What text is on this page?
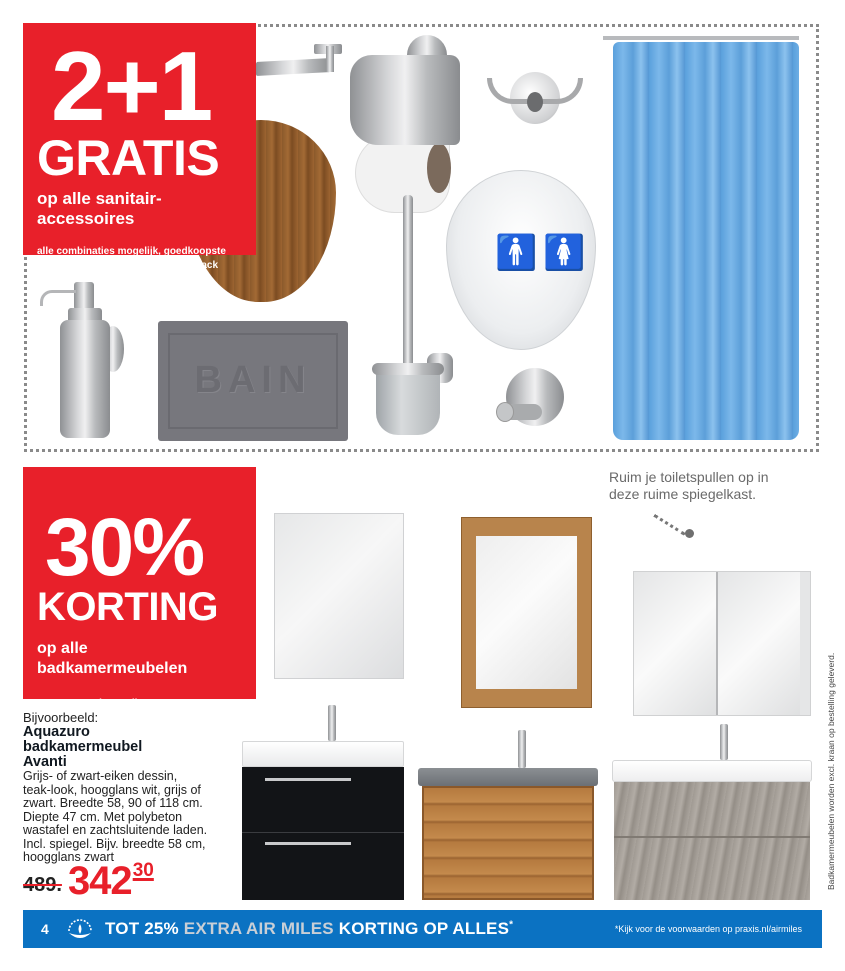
🚹🚺
BAIN
2+1
GRATIS
op alle sanitair-
accessoires
alle combinaties mogelijk, goedkoopste
gratis, m.u.v. ‘vaste lage prijs’ en Zack
30%
KORTING
op alle
badkamermeubelen
m.u.v. ‘vaste lage prijs’
Bijvoorbeeld:
Aquazuro
badkamermeubel
Avanti
Grijs- of zwart-eiken dessin,
teak-look, hoogglans wit, grijs of
zwart. Breedte 58, 90 of 118 cm.
Diepte 47 cm. Met polybeton
wastafel en zachtsluitende laden.
Incl. spiegel. Bijv. breedte 58 cm,
hoogglans zwart
489. 342 30
Ruim je toiletspullen op in
deze ruime spiegelkast.
Badkamermeubelen worden excl. kraan op bestelling geleverd.
4	TOT 25% EXTRA AIR MILES KORTING OP ALLES*	*Kijk voor de voorwaarden op praxis.nl/airmiles
